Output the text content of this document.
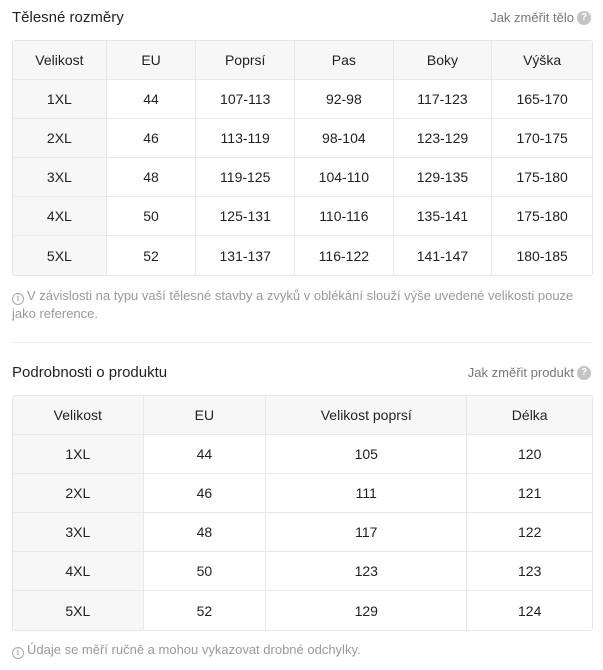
Tělesné rozměry	Jak změřit tělo ?
Velikost	EU	Poprsí	Pas	Boky	Výška
1XL	44	107-113	92-98	117-123	165-170
2XL	46	113-119	98-104	123-129	170-175
3XL	48	119-125	104-110	129-135	175-180
4XL	50	125-131	110-116	135-141	175-180
5XL	52	131-137	116-122	141-147	180-185
i V závislosti na typu vaší tělesné stavby a zvyků v oblékání slouží výše uvedené velikosti pouze jako reference.
Podrobnosti o produktu	Jak změřit produkt ?
Velikost	EU	Velikost poprsí	Délka
1XL	44	105	120
2XL	46	111	121
3XL	48	117	122
4XL	50	123	123
5XL	52	129	124
i Údaje se měří ručně a mohou vykazovat drobné odchylky.
